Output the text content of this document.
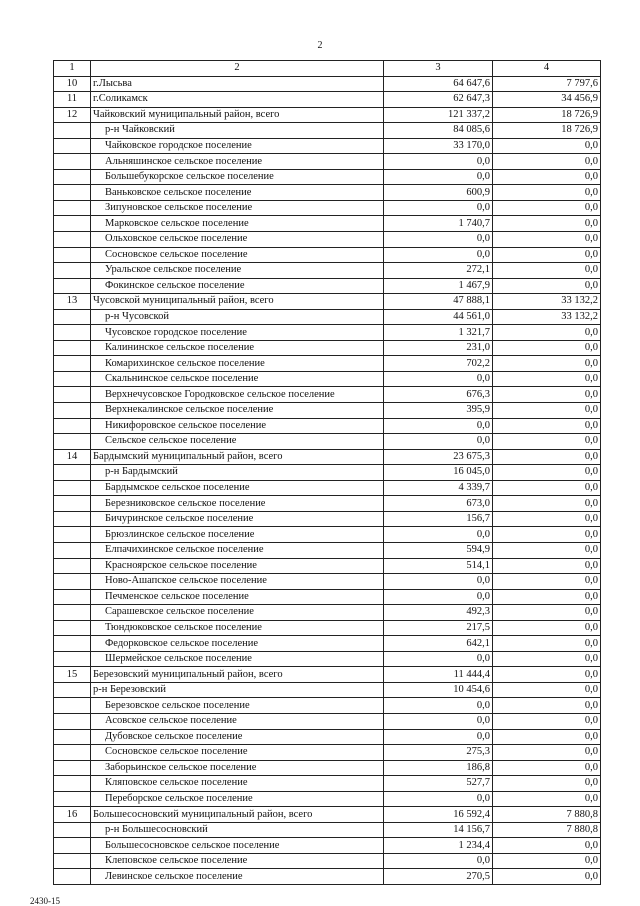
2
1	2	3	4
10	г.Лысьва	64 647,6	7 797,6
11	г.Соликамск	62 647,3	34 456,9
12	Чайковский муниципальный район, всего	121 337,2	18 726,9
	р-н Чайковский	84 085,6	18 726,9
	Чайковское городское поселение	33 170,0	0,0
	Альняшинское сельское поселение	0,0	0,0
	Большебукорское сельское поселение	0,0	0,0
	Ваньковское сельское поселение	600,9	0,0
	Зипуновское сельское поселение	0,0	0,0
	Марковское сельское поселение	1 740,7	0,0
	Ольховское сельское поселение	0,0	0,0
	Сосновское сельское поселение	0,0	0,0
	Уральское сельское поселение	272,1	0,0
	Фокинское сельское поселение	1 467,9	0,0
13	Чусовской муниципальный район, всего	47 888,1	33 132,2
	р-н Чусовской	44 561,0	33 132,2
	Чусовское городское поселение	1 321,7	0,0
	Калининское сельское поселение	231,0	0,0
	Комарихинское сельское поселение	702,2	0,0
	Скальнинское сельское поселение	0,0	0,0
	Верхнечусовское Городковское сельское поселение	676,3	0,0
	Верхнекалинское сельское поселение	395,9	0,0
	Никифоровское сельское поселение	0,0	0,0
	Сельское сельское поселение	0,0	0,0
14	Бардымский муниципальный район, всего	23 675,3	0,0
	р-н Бардымский	16 045,0	0,0
	Бардымское сельское поселение	4 339,7	0,0
	Березниковское сельское поселение	673,0	0,0
	Бичуринское сельское поселение	156,7	0,0
	Брюзлинское сельское поселение	0,0	0,0
	Елпачихинское сельское поселение	594,9	0,0
	Красноярское сельское поселение	514,1	0,0
	Ново-Ашапское сельское поселение	0,0	0,0
	Печменское сельское поселение	0,0	0,0
	Сарашевское сельское поселение	492,3	0,0
	Тюндюковское сельское поселение	217,5	0,0
	Федорковское сельское поселение	642,1	0,0
	Шермейское сельское поселение	0,0	0,0
15	Березовский муниципальный район, всего	11 444,4	0,0
	р-н Березовский	10 454,6	0,0
	Березовское сельское поселение	0,0	0,0
	Асовское сельское поселение	0,0	0,0
	Дубовское сельское поселение	0,0	0,0
	Сосновское сельское поселение	275,3	0,0
	Заборьинское сельское поселение	186,8	0,0
	Кляповское сельское поселение	527,7	0,0
	Переборское сельское поселение	0,0	0,0
16	Большесосновский муниципальный район, всего	16 592,4	7 880,8
	р-н Большесосновский	14 156,7	7 880,8
	Большесосновское сельское поселение	1 234,4	0,0
	Клеповское сельское поселение	0,0	0,0
	Левинское сельское поселение	270,5	0,0
2430-15
